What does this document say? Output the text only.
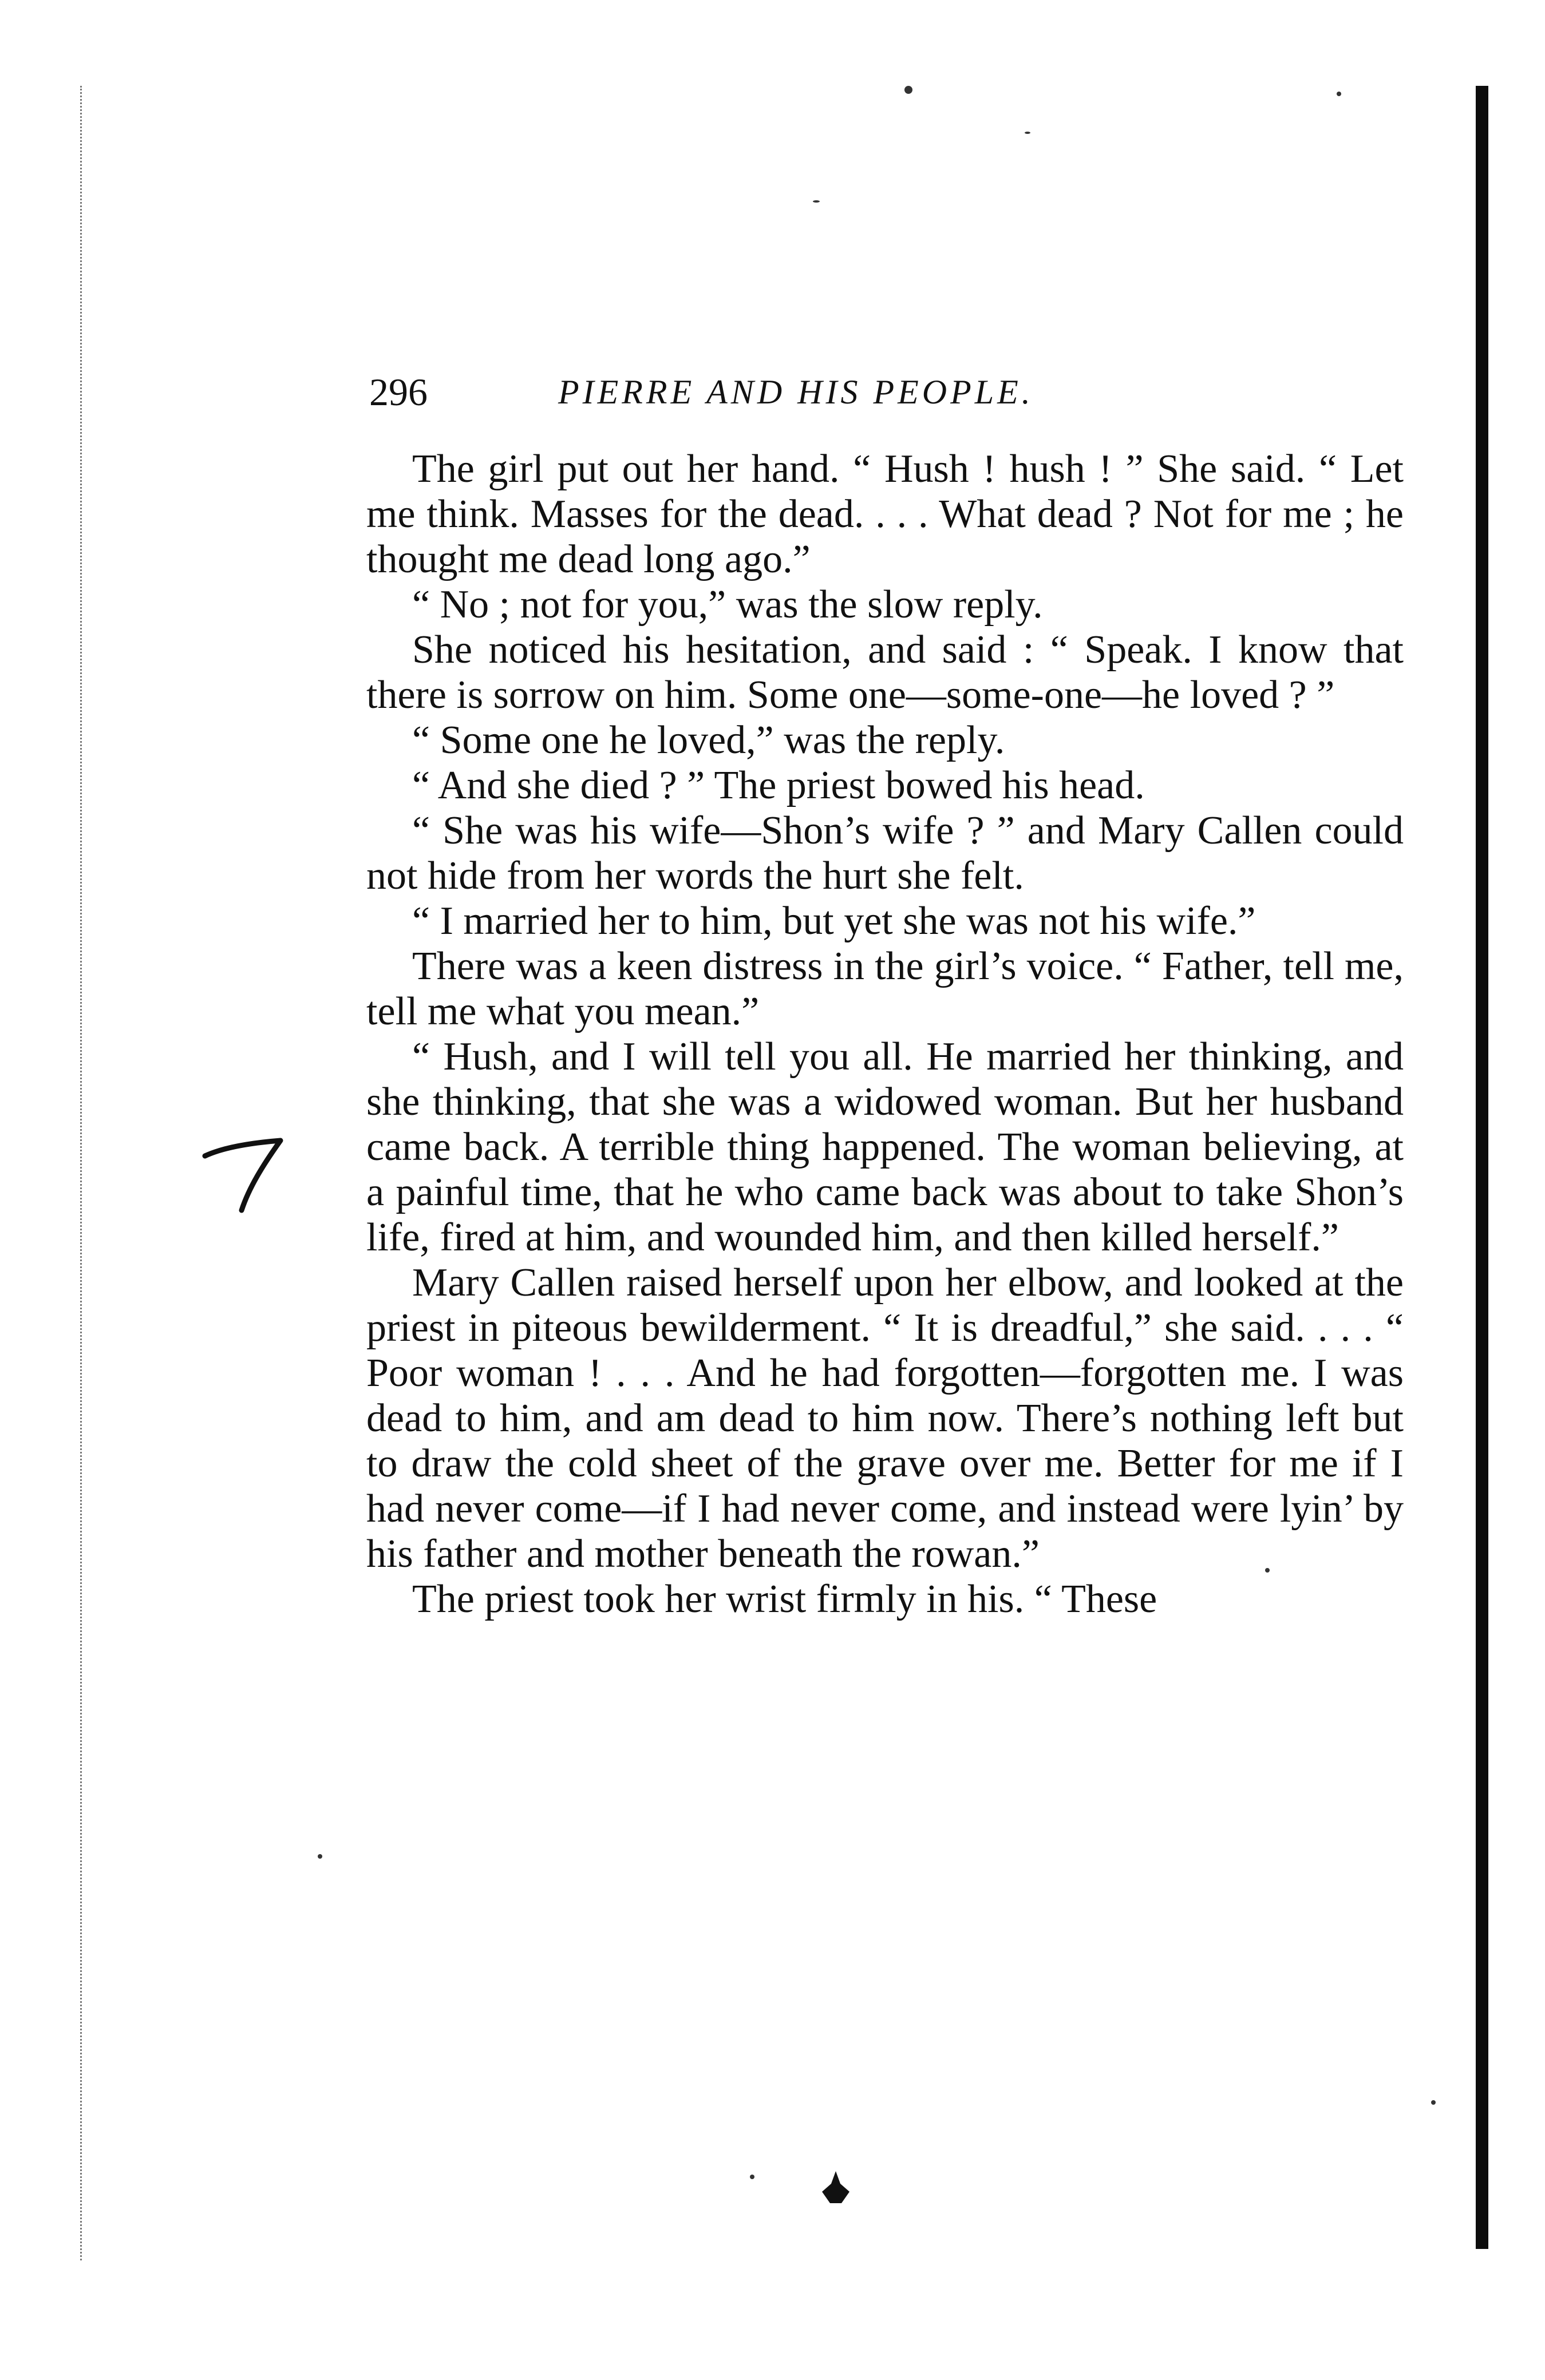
296	PIERRE AND HIS PEOPLE.

The girl put out her hand. “ Hush ! hush ! ” She said. “ Let me think. Masses for the dead. . . . What dead ? Not for me ; he thought me dead long ago.”

“ No ; not for you,” was the slow reply.

She noticed his hesitation, and said : “ Speak. I know that there is sorrow on him. Some one—some-one—he loved ? ”

“ Some one he loved,” was the reply.

“ And she died ? ” The priest bowed his head.

“ She was his wife—Shon’s wife ? ” and Mary Callen could not hide from her words the hurt she felt.

“ I married her to him, but yet she was not his wife.”

There was a keen distress in the girl’s voice. “ Father, tell me, tell me what you mean.”

“ Hush, and I will tell you all. He married her thinking, and she thinking, that she was a widowed woman. But her husband came back. A terrible thing happened. The woman believing, at a painful time, that he who came back was about to take Shon’s life, fired at him, and wounded him, and then killed herself.”

Mary Callen raised herself upon her elbow, and looked at the priest in piteous bewilderment. “ It is dreadful,” she said. . . . “ Poor woman ! . . . And he had forgotten—forgotten me. I was dead to him, and am dead to him now. There’s nothing left but to draw the cold sheet of the grave over me. Better for me if I had never come—if I had never come, and instead were lyin’ by his father and mother beneath the rowan.”

The priest took her wrist firmly in his. “ These
